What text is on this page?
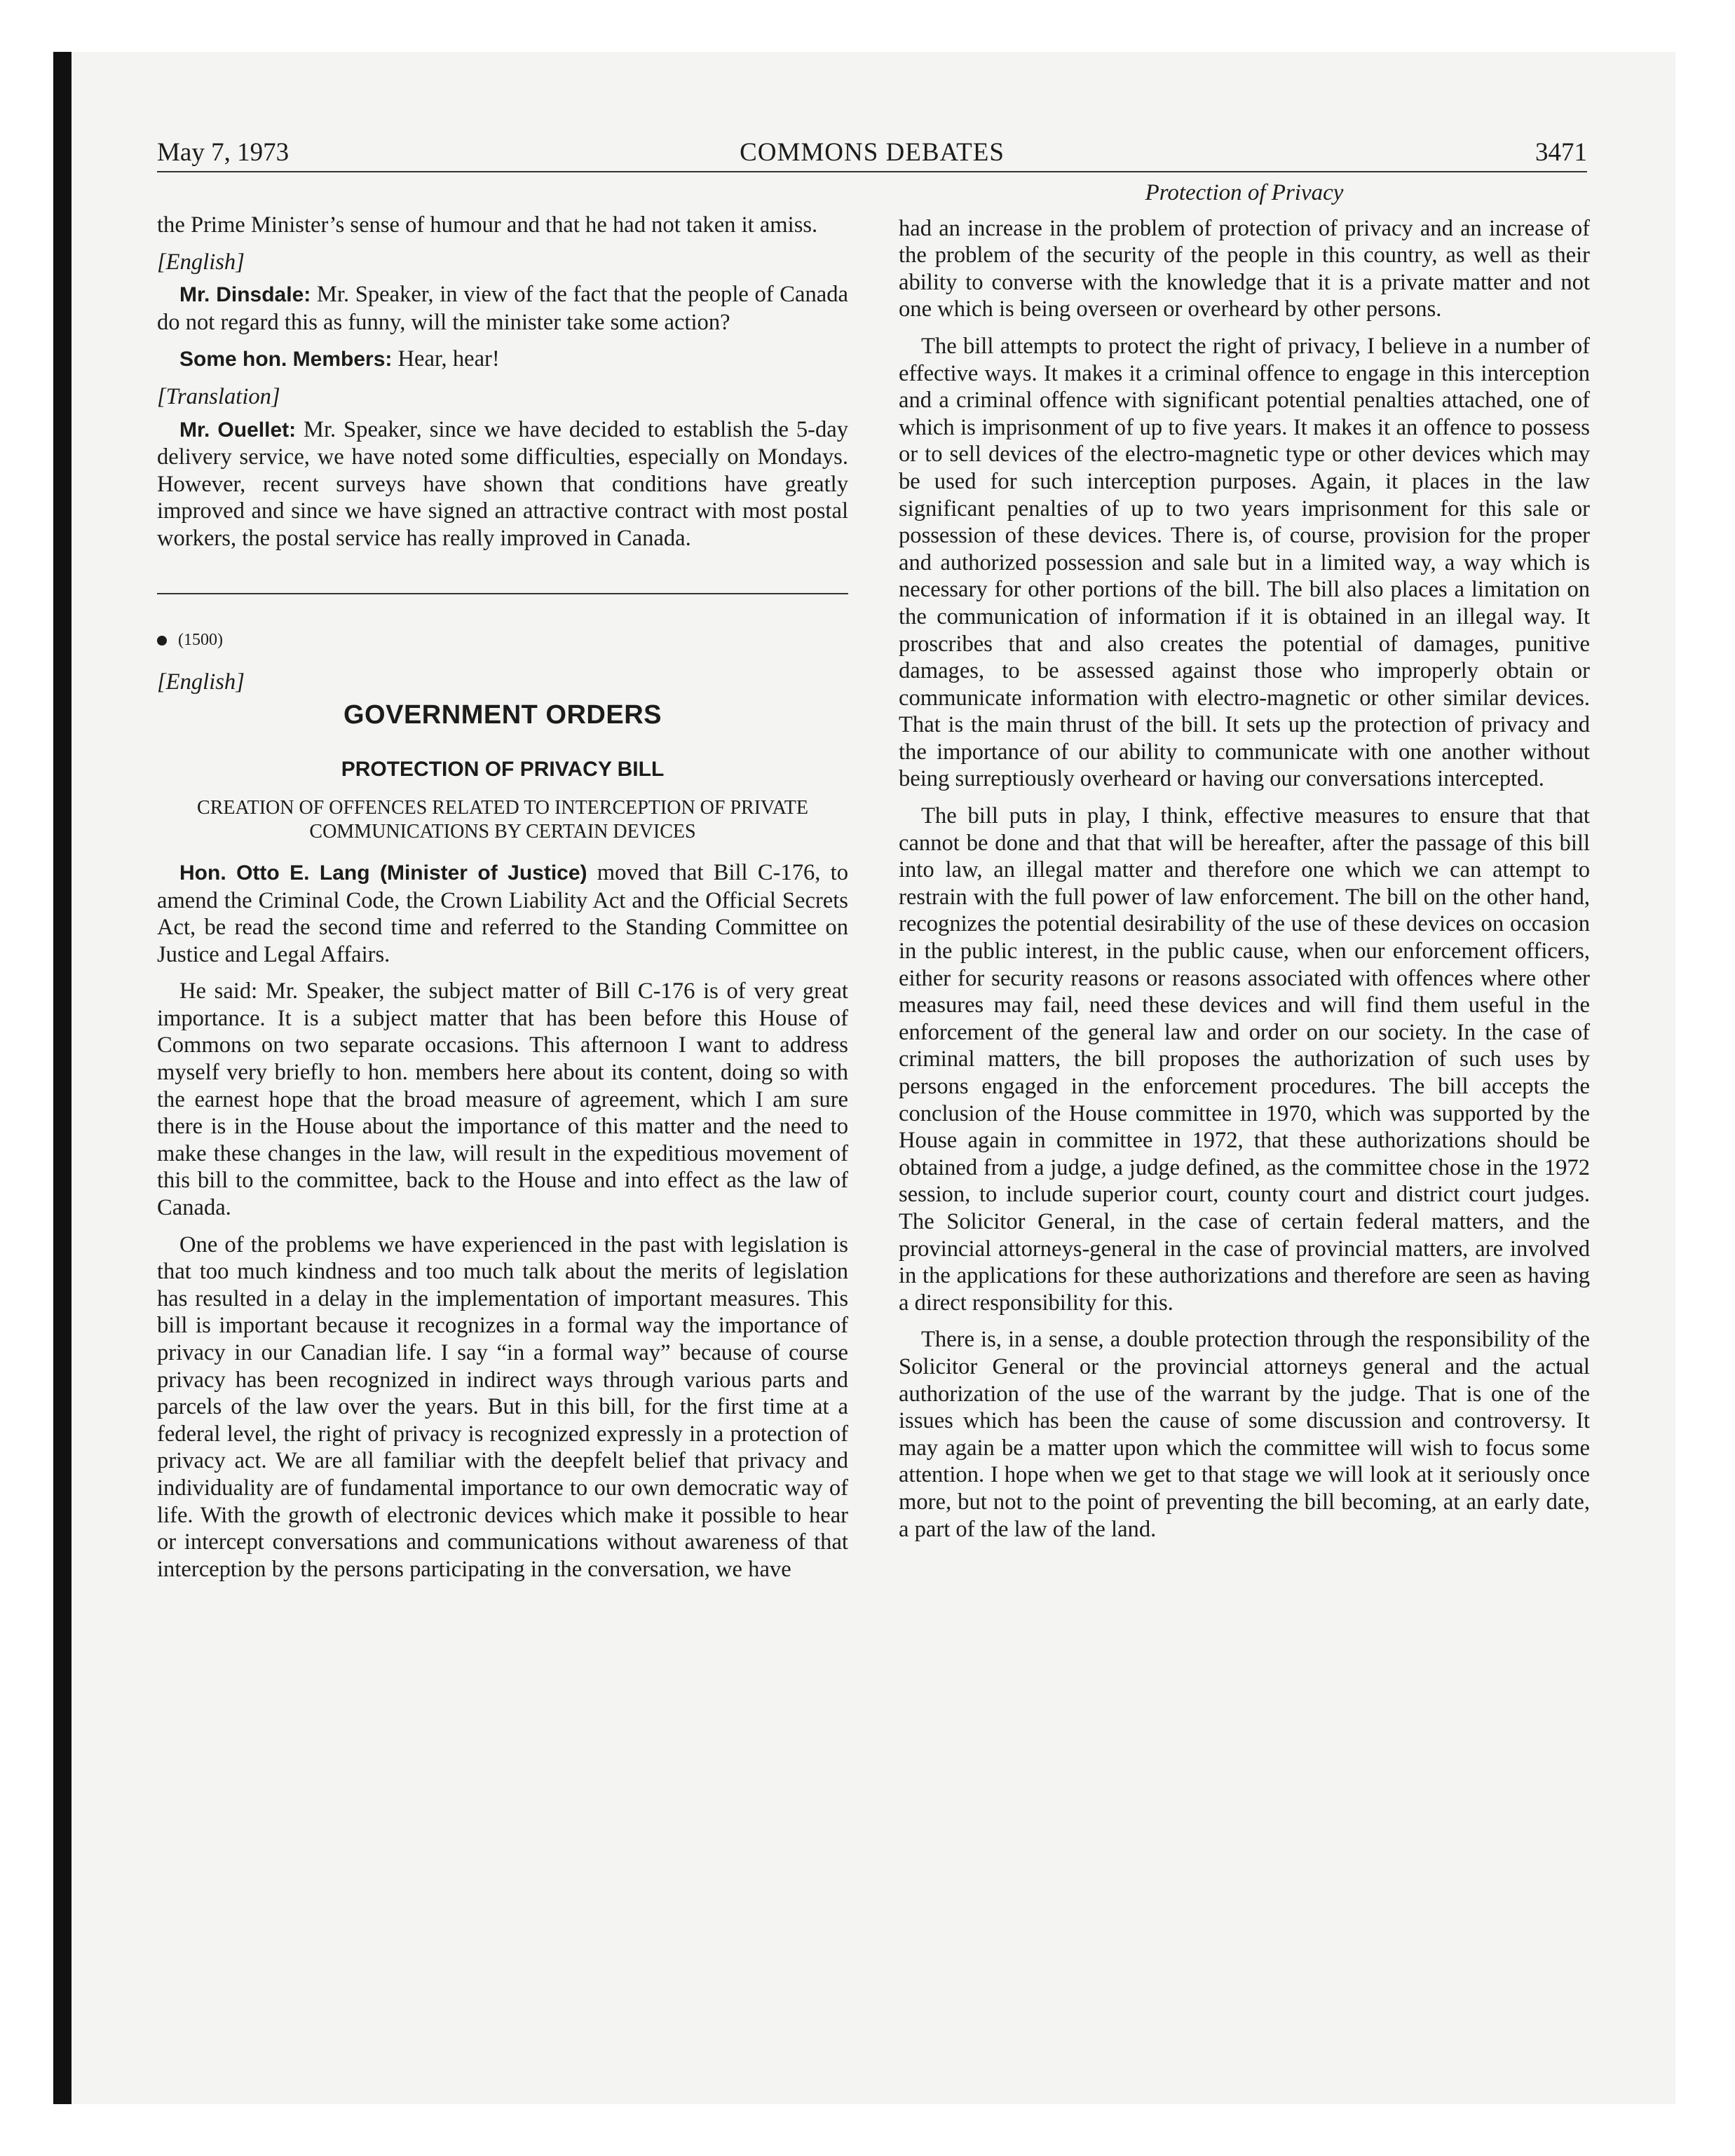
May 7, 1973	COMMONS DEBATES	3471

the Prime Minister’s sense of humour and that he had not taken it amiss.

[English]

Mr. Dinsdale: Mr. Speaker, in view of the fact that the people of Canada do not regard this as funny, will the minister take some action?

Some hon. Members: Hear, hear!

[Translation]

Mr. Ouellet: Mr. Speaker, since we have decided to establish the 5-day delivery service, we have noted some difficulties, especially on Mondays. However, recent surveys have shown that conditions have greatly improved and since we have signed an attractive contract with most postal workers, the postal service has really improved in Canada.

(1500)

[English]

GOVERNMENT ORDERS
PROTECTION OF PRIVACY BILL
CREATION OF OFFENCES RELATED TO INTERCEPTION OF PRIVATE COMMUNICATIONS BY CERTAIN DEVICES

Hon. Otto E. Lang (Minister of Justice) moved that Bill C-176, to amend the Criminal Code, the Crown Liability Act and the Official Secrets Act, be read the second time and referred to the Standing Committee on Justice and Legal Affairs.

He said: Mr. Speaker, the subject matter of Bill C-176 is of very great importance. It is a subject matter that has been before this House of Commons on two separate occasions. This afternoon I want to address myself very briefly to hon. members here about its content, doing so with the earnest hope that the broad measure of agreement, which I am sure there is in the House about the importance of this matter and the need to make these changes in the law, will result in the expeditious movement of this bill to the committee, back to the House and into effect as the law of Canada.

One of the problems we have experienced in the past with legislation is that too much kindness and too much talk about the merits of legislation has resulted in a delay in the implementation of important measures. This bill is important because it recognizes in a formal way the importance of privacy in our Canadian life. I say “in a formal way” because of course privacy has been recognized in indirect ways through various parts and parcels of the law over the years. But in this bill, for the first time at a federal level, the right of privacy is recognized expressly in a protection of privacy act. We are all familiar with the deepfelt belief that privacy and individuality are of fundamental importance to our own democratic way of life. With the growth of electronic devices which make it possible to hear or intercept conversations and communications without awareness of that interception by the persons participating in the conversation, we have

Protection of Privacy

had an increase in the problem of protection of privacy and an increase of the problem of the security of the people in this country, as well as their ability to converse with the knowledge that it is a private matter and not one which is being overseen or overheard by other persons.

The bill attempts to protect the right of privacy, I believe in a number of effective ways. It makes it a criminal offence to engage in this interception and a criminal offence with significant potential penalties attached, one of which is imprisonment of up to five years. It makes it an offence to possess or to sell devices of the electro-magnetic type or other devices which may be used for such interception purposes. Again, it places in the law significant penalties of up to two years imprisonment for this sale or possession of these devices. There is, of course, provision for the proper and authorized possession and sale but in a limited way, a way which is necessary for other portions of the bill. The bill also places a limitation on the communication of information if it is obtained in an illegal way. It proscribes that and also creates the potential of damages, punitive damages, to be assessed against those who improperly obtain or communicate information with electro-magnetic or other similar devices. That is the main thrust of the bill. It sets up the protection of privacy and the importance of our ability to communicate with one another without being surreptiously overheard or having our conversations intercepted.

The bill puts in play, I think, effective measures to ensure that that cannot be done and that that will be hereafter, after the passage of this bill into law, an illegal matter and therefore one which we can attempt to restrain with the full power of law enforcement. The bill on the other hand, recognizes the potential desirability of the use of these devices on occasion in the public interest, in the public cause, when our enforcement officers, either for security reasons or reasons associated with offences where other measures may fail, need these devices and will find them useful in the enforcement of the general law and order on our society. In the case of criminal matters, the bill proposes the authorization of such uses by persons engaged in the enforcement procedures. The bill accepts the conclusion of the House committee in 1970, which was supported by the House again in committee in 1972, that these authorizations should be obtained from a judge, a judge defined, as the committee chose in the 1972 session, to include superior court, county court and district court judges. The Solicitor General, in the case of certain federal matters, and the provincial attorneys-general in the case of provincial matters, are involved in the applications for these authorizations and therefore are seen as having a direct responsibility for this.

There is, in a sense, a double protection through the responsibility of the Solicitor General or the provincial attorneys general and the actual authorization of the use of the warrant by the judge. That is one of the issues which has been the cause of some discussion and controversy. It may again be a matter upon which the committee will wish to focus some attention. I hope when we get to that stage we will look at it seriously once more, but not to the point of preventing the bill becoming, at an early date, a part of the law of the land.
